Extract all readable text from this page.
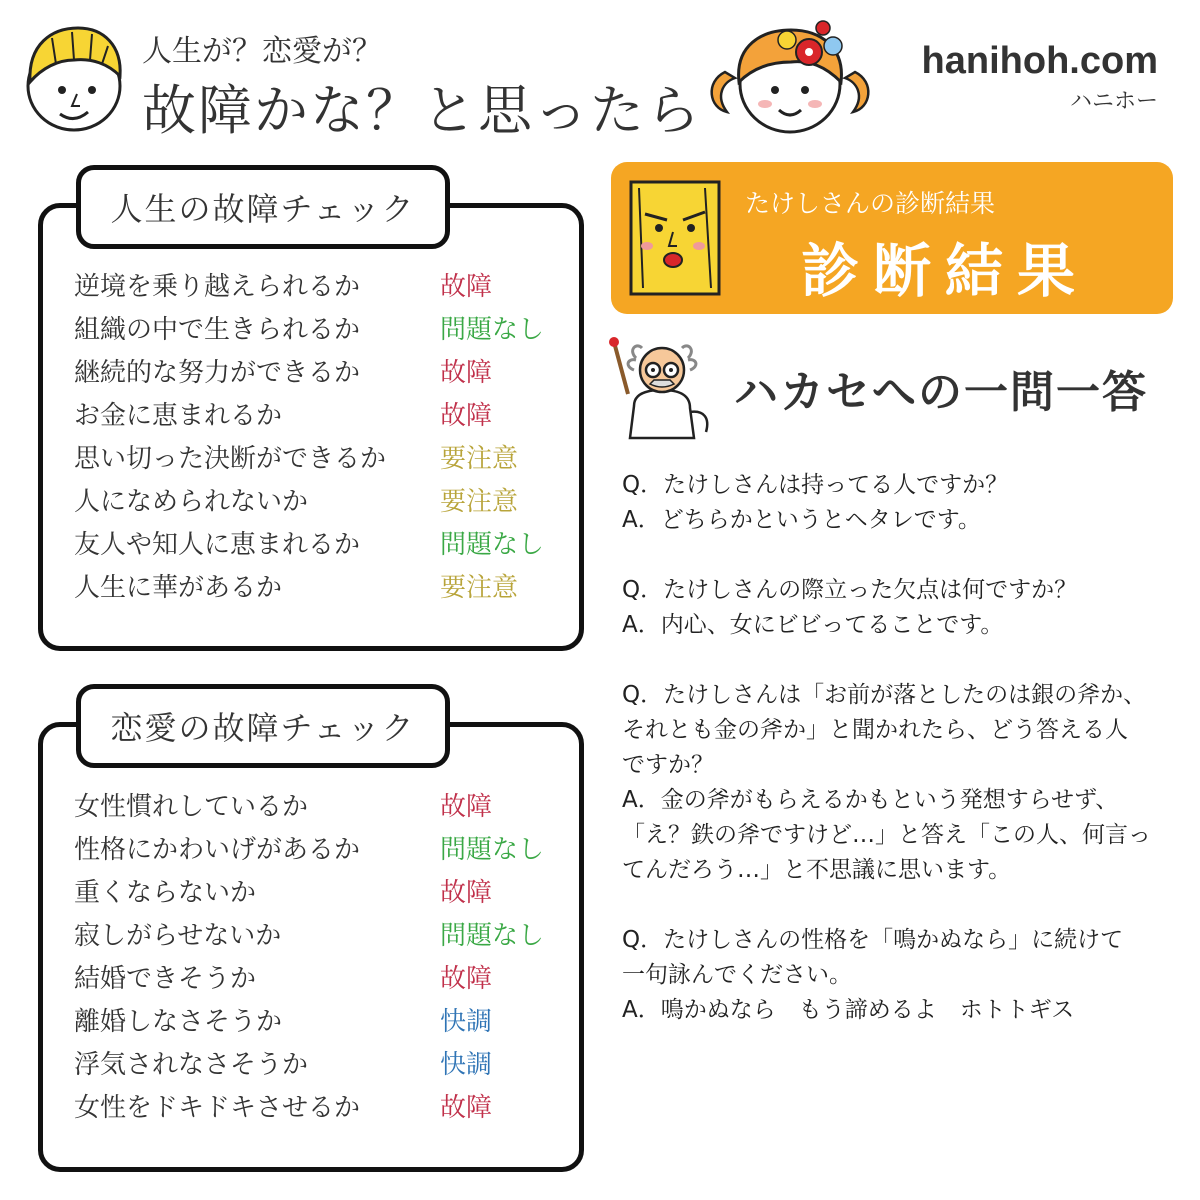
人生が？恋愛が？
故障かな？と思ったら
hanihoh.com
ハニホー
人生の故障チェック
逆境を乗り越えられるか	故障
組織の中で生きられるか	問題なし
継続的な努力ができるか	故障
お金に恵まれるか	故障
思い切った決断ができるか 要注意
人になめられないか	要注意
友人や知人に恵まれるか	問題なし
人生に華があるか	要注意
恋愛の故障チェック
女性慣れしているか	故障
性格にかわいげがあるか	問題なし
重くならないか	故障
寂しがらせないか	問題なし
結婚できそうか	故障
離婚しなさそうか	快調
浮気されなさそうか	快調
女性をドキドキさせるか	故障
たけしさんの診断結果
診断結果
ハカセへの一問一答
Q．たけしさんは持ってる人ですか？
A．どちらかというとヘタレです。
Q．たけしさんの際立った欠点は何ですか？
A．内心、女にビビってることです。
Q．たけしさんは「お前が落としたのは銀の斧か、
それとも金の斧か」と聞かれたら、どう答える人
ですか？
A．金の斧がもらえるかもという発想すらせず、
「え？鉄の斧ですけど…」と答え「この人、何言っ
てんだろう…」と不思議に思います。
Q．たけしさんの性格を「鳴かぬなら」に続けて
一句詠んでください。
A．鳴かぬなら　もう諦めるよ　ホトトギス
